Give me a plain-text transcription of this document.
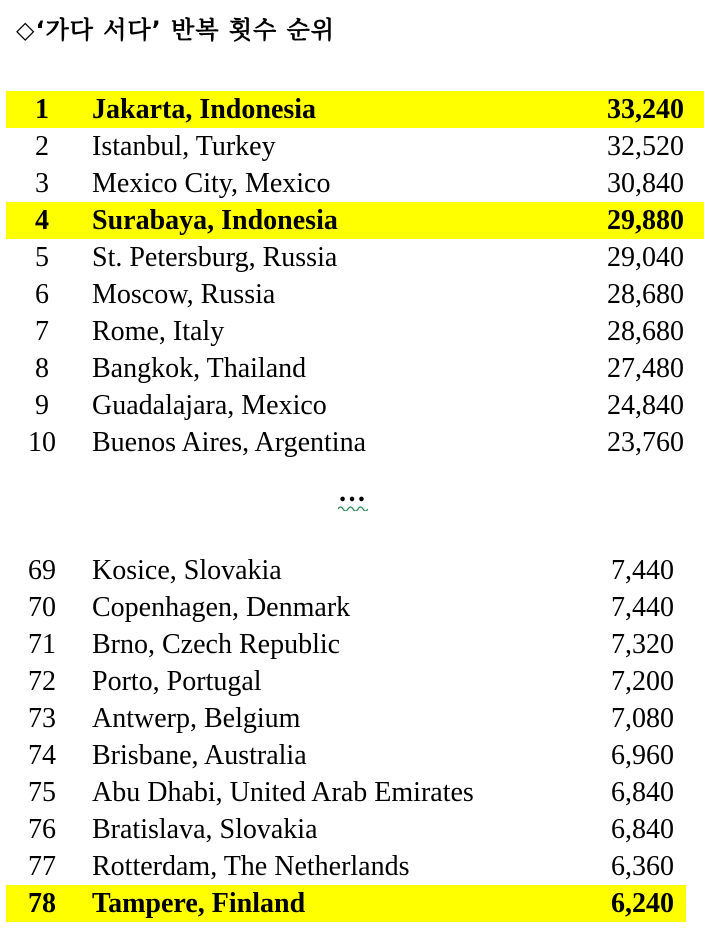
◇‘가다 서다’ 반복 횟수 순위
1	Jakarta, Indonesia	33,240
2	Istanbul, Turkey	32,520
3	Mexico City, Mexico	30,840
4	Surabaya, Indonesia	29,880
5	St. Petersburg, Russia	29,040
6	Moscow, Russia	28,680
7	Rome, Italy	28,680
8	Bangkok, Thailand	27,480
9	Guadalajara, Mexico	24,840
10	Buenos Aires, Argentina	23,760
…
69	Kosice, Slovakia	7,440
70	Copenhagen, Denmark	7,440
71	Brno, Czech Republic	7,320
72	Porto, Portugal	7,200
73	Antwerp, Belgium	7,080
74	Brisbane, Australia	6,960
75	Abu Dhabi, United Arab Emirates	6,840
76	Bratislava, Slovakia	6,840
77	Rotterdam, The Netherlands	6,360
78	Tampere, Finland	6,240
